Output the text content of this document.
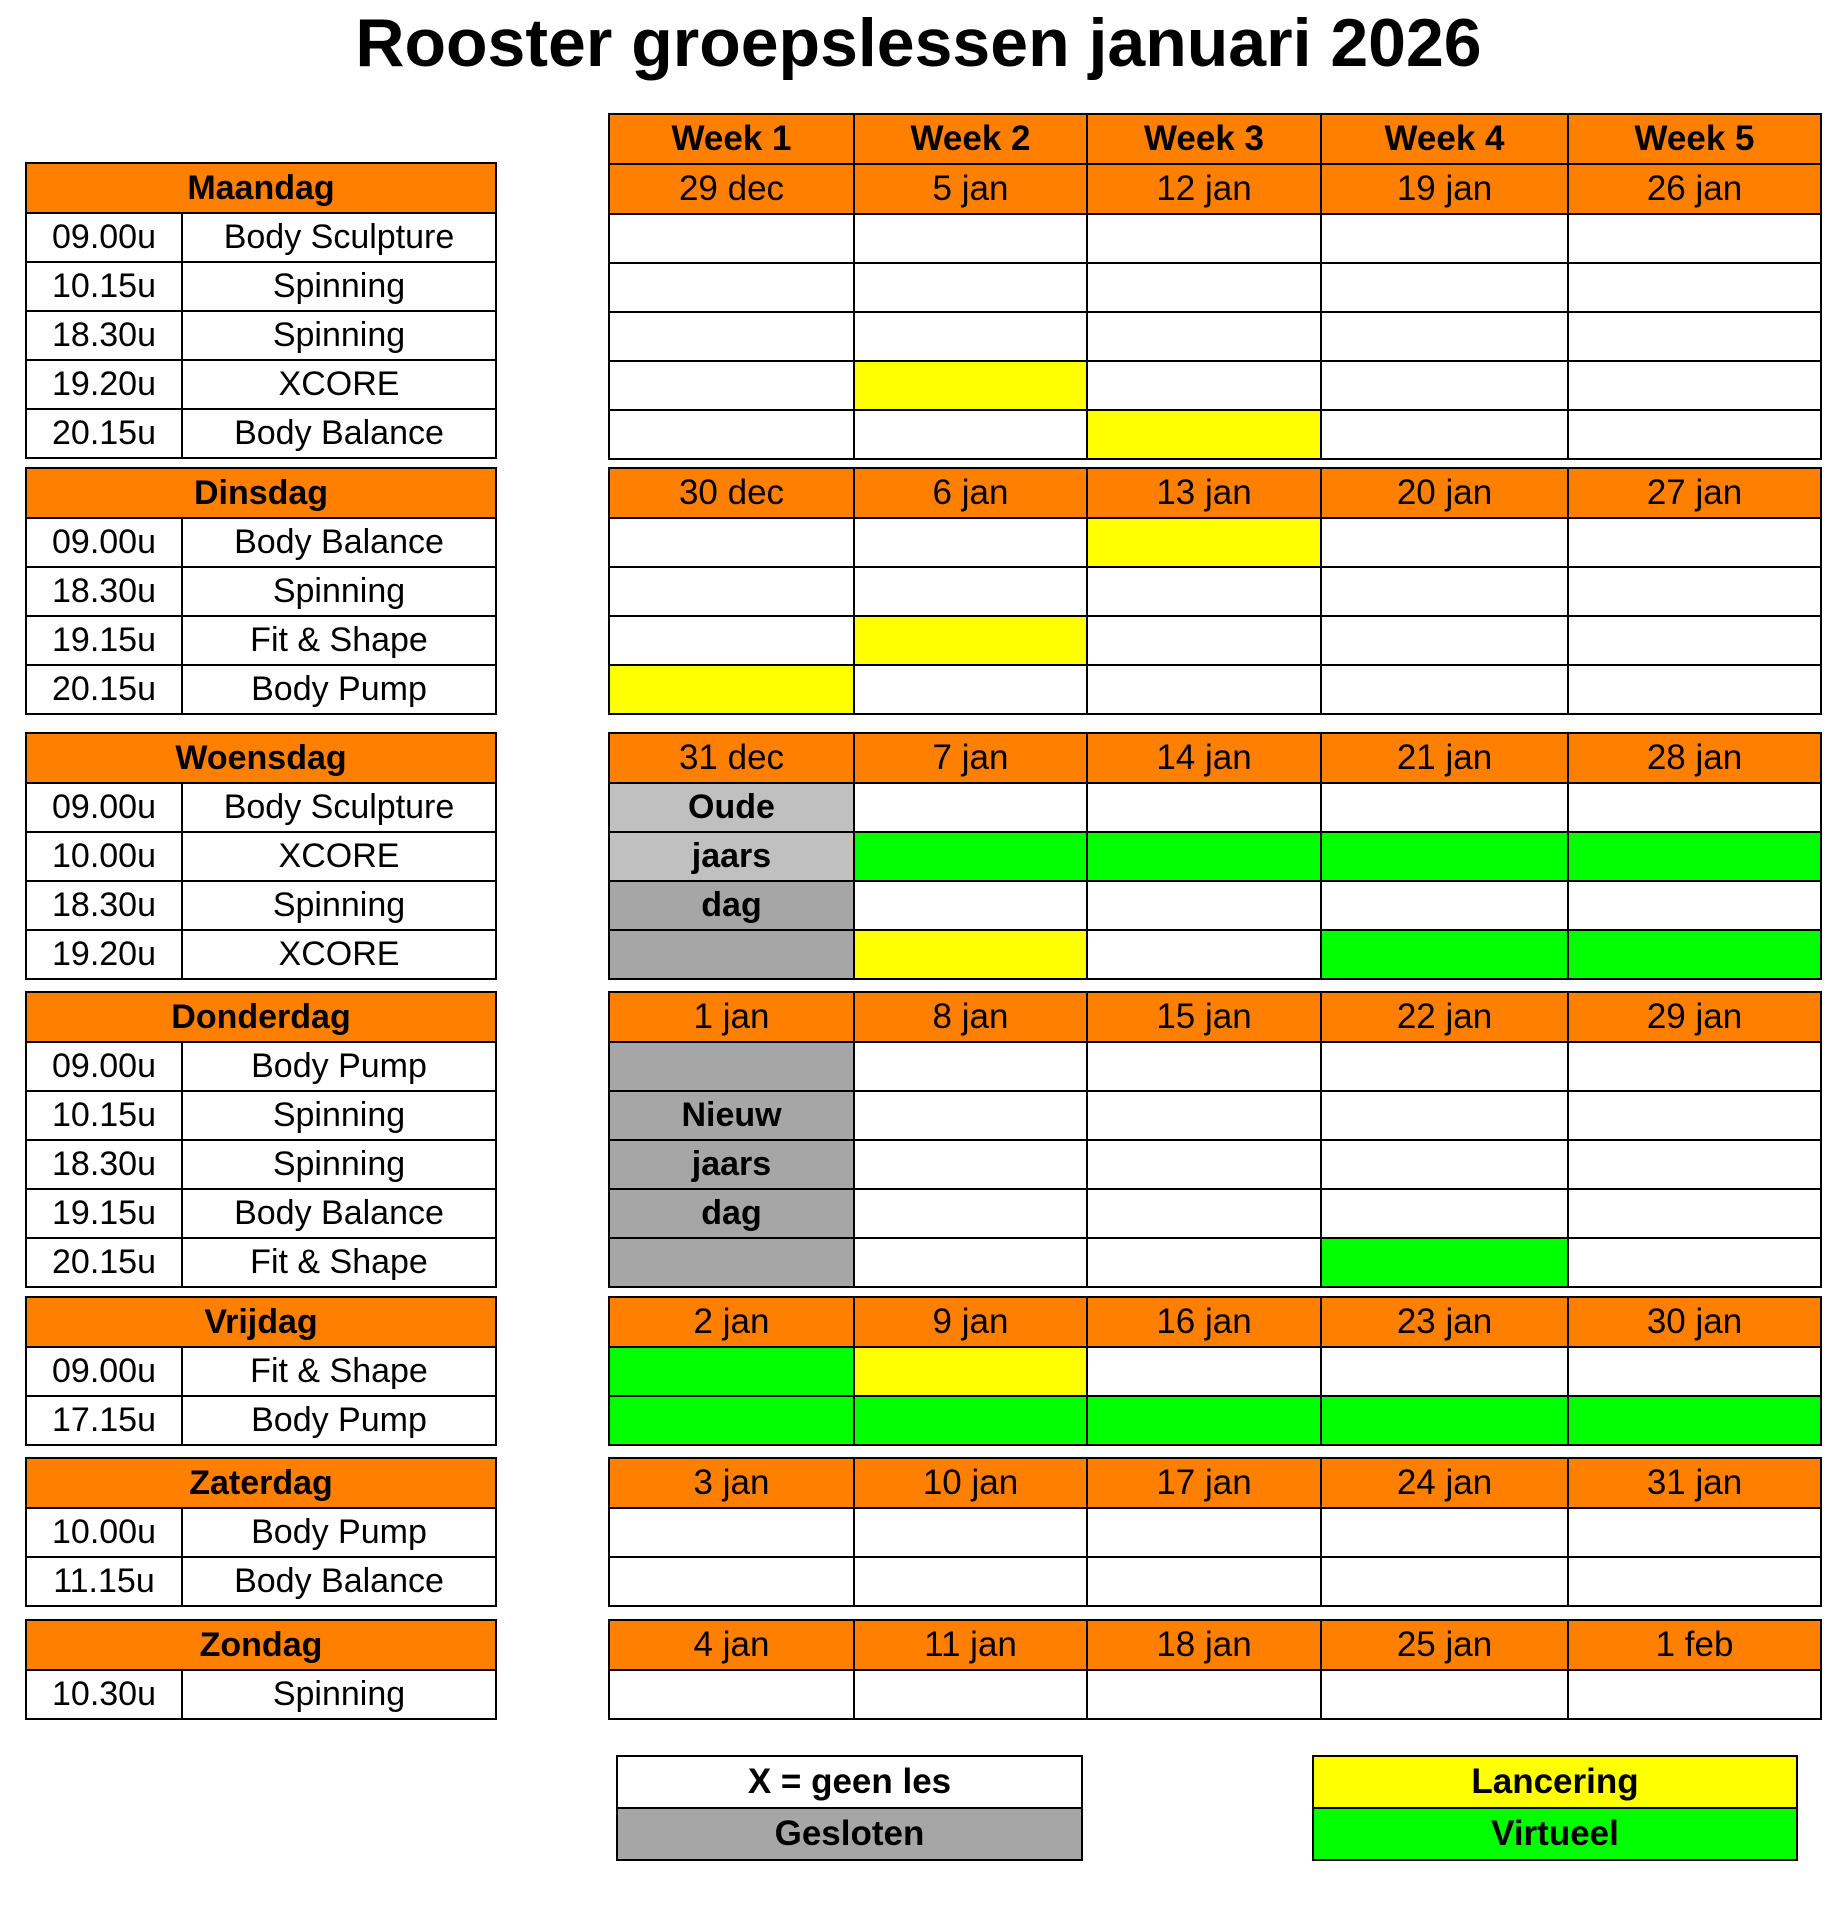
Rooster groepslessen januari 2026
Maandag	
09.00u	Body Sculpture
10.15u	Spinning
18.30u	Spinning
19.20u	XCORE
20.15u	Body Balance
Dinsdag	
09.00u	Body Balance
18.30u	Spinning
19.15u	Fit & Shape
20.15u	Body Pump
Woensdag	
09.00u	Body Sculpture
10.00u	XCORE
18.30u	Spinning
19.20u	XCORE
Donderdag	
09.00u	Body Pump
10.15u	Spinning
18.30u	Spinning
19.15u	Body Balance
20.15u	Fit & Shape
Vrijdag	
09.00u	Fit & Shape
17.15u	Body Pump
Zaterdag	
10.00u	Body Pump
11.15u	Body Balance
Zondag
10.30u	Spinning
Week 1	Week 2	Week 3	Week 4	Week 5
29 dec	5 jan	12 jan	19 jan	26 jan

30 dec	6 jan	13 jan	20 jan	27 jan

31 dec	7 jan	14 jan	21 jan	28 jan
Oude				
jaars				
dag				

1 jan	8 jan	15 jan	22 jan	29 jan

Nieuw				
jaars				
dag				

2 jan	9 jan	16 jan	23 jan	30 jan

3 jan	10 jan	17 jan	24 jan	31 jan

4 jan	11 jan	18 jan	25 jan	1 feb

X = geen les
Gesloten
Lancering
Virtueel
